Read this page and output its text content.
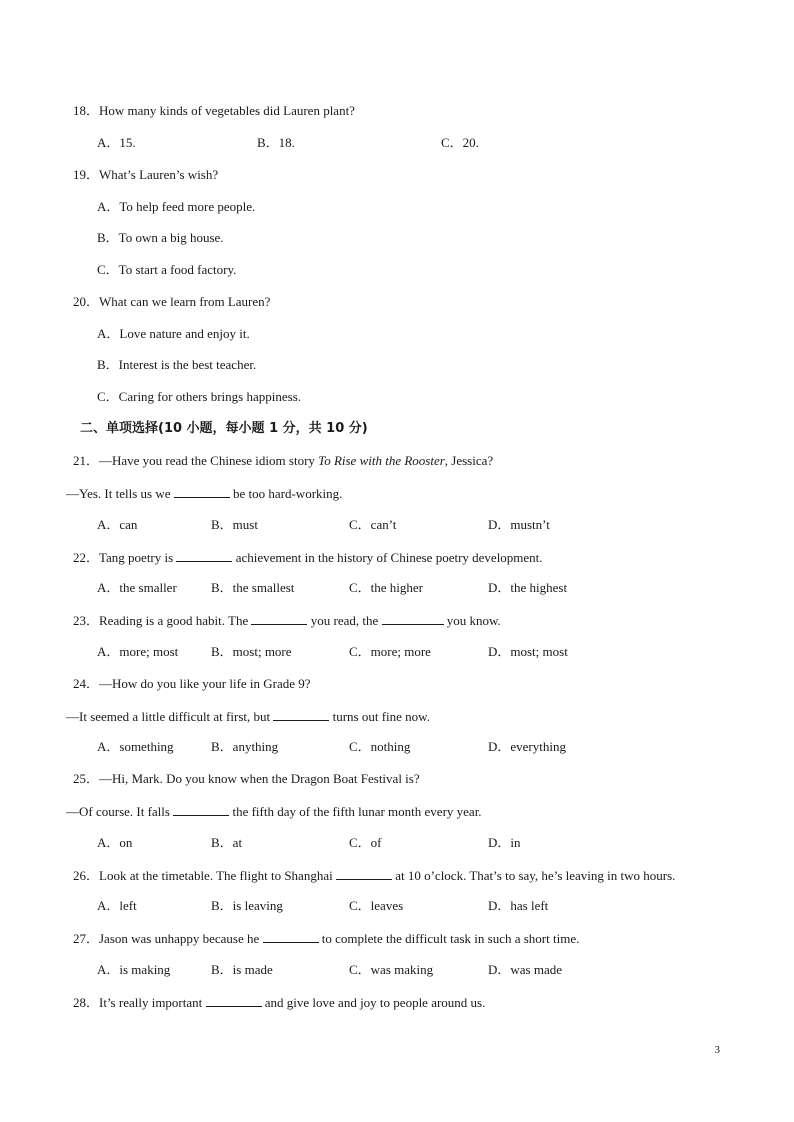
18．How many kinds of vegetables did Lauren plant?
A．15.	B．18.	C．20.
19．What’s Lauren’s wish?
A．To help feed more people.
B．To own a big house.
C．To start a food factory.
20．What can we learn from Lauren?
A．Love nature and enjoy it.
B．Interest is the best teacher.
C．Caring for others brings happiness.
二、单项选择(10 小题，每小题 1 分，共 10 分)
21．—Have you read the Chinese idiom story To Rise with the Rooster, Jessica?
—Yes. It tells us we	be too hard-working.
A．can	B．must	C．can’t	D．mustn’t
22．Tang poetry is	achievement in the history of Chinese poetry development.
A．the smaller	B．the smallest	C．the higher	D．the highest
23．Reading is a good habit. The	you read, the	you know.
A．more; most	B．most; more	C．more; more	D．most; most
24．—How do you like your life in Grade 9?
—It seemed a little difficult at first, but	turns out fine now.
A．something	B．anything	C．nothing	D．everything
25．—Hi, Mark. Do you know when the Dragon Boat Festival is?
—Of course. It falls	the fifth day of the fifth lunar month every year.
A．on	B．at	C．of	D．in
26．Look at the timetable. The flight to Shanghai	at 10 o’clock. That’s to say, he’s leaving in two hours.
A．left	B．is leaving	C．leaves	D．has left
27．Jason was unhappy because he	to complete the difficult task in such a short time.
A．is making	B．is made	C．was making	D．was made
28．It’s really important	and give love and joy to people around us.
3
